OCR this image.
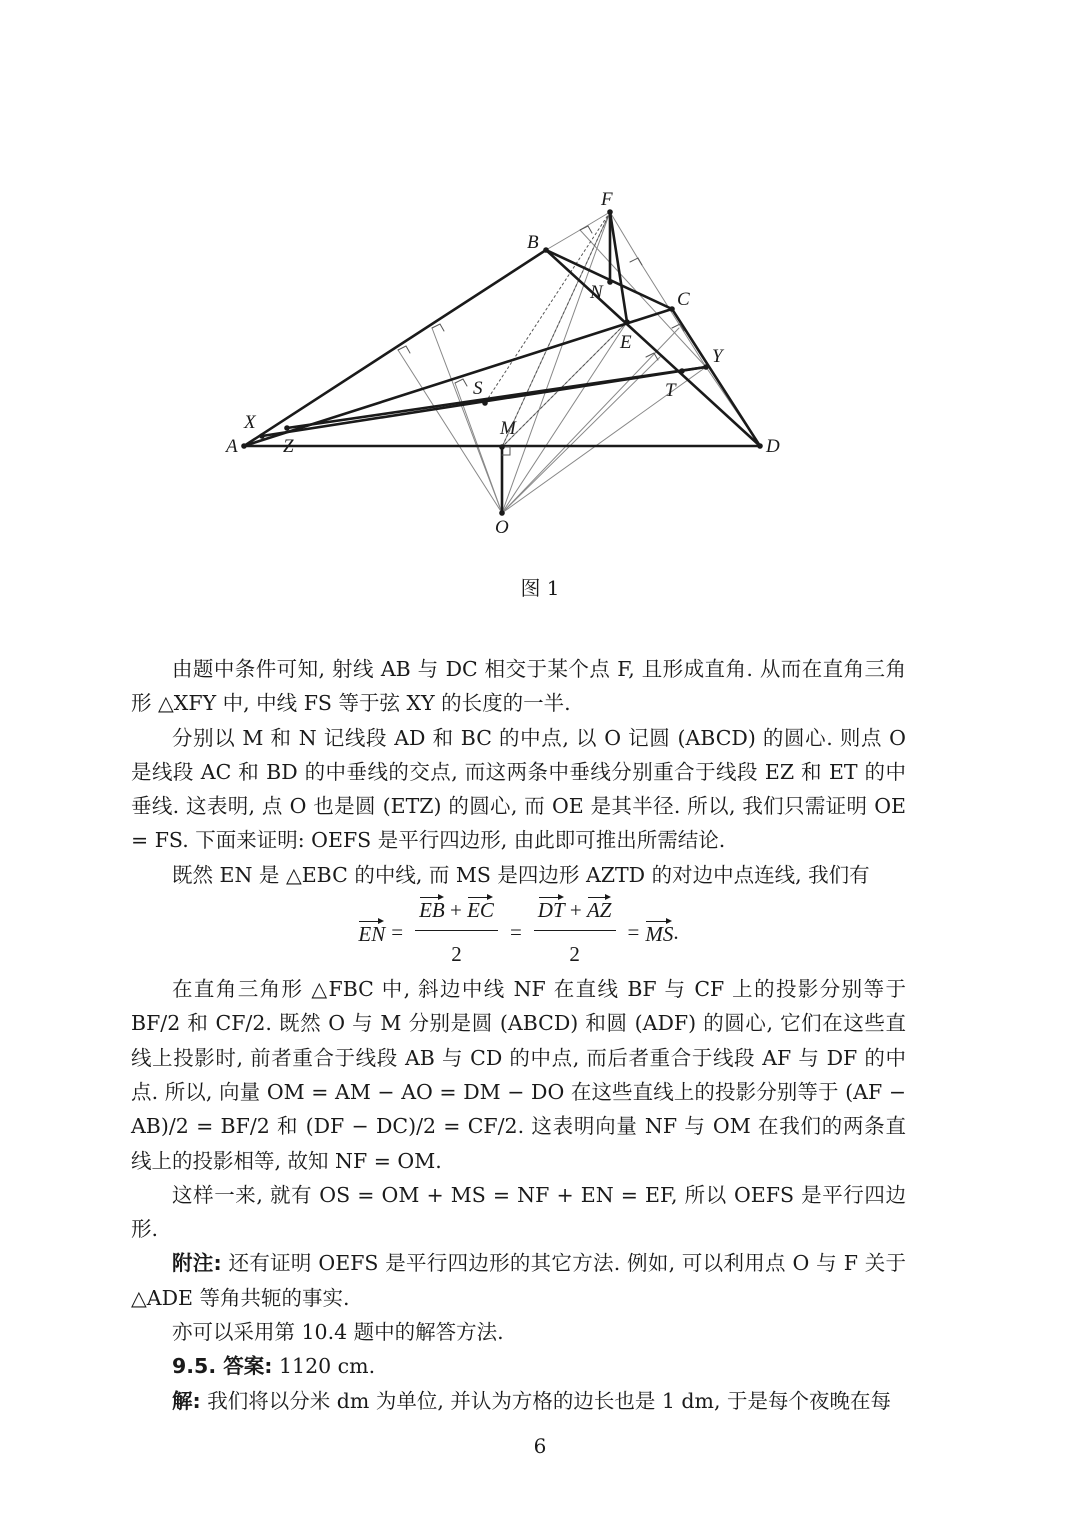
A
B
C
D
E
F
M
N
O
S	T
X
Y
Z
图 1

由题中条件可知, 射线 AB 与 DC 相交于某个点 F, 且形成直角. 从而在直角三角形 △XFY 中, 中线 FS 等于弦 XY 的长度的一半.

分别以 M 和 N 记线段 AD 和 BC 的中点, 以 O 记圆 (ABCD) 的圆心. 则点 O 是线段 AC 和 BD 的中垂线的交点, 而这两条中垂线分别重合于线段 EZ 和 ET 的中垂线. 这表明, 点 O 也是圆 (ETZ) 的圆心, 而 OE 是其半径. 所以, 我们只需证明 OE = FS. 下面来证明: OEFS 是平行四边形, 由此即可推出所需结论.

既然 EN 是 △EBC 的中线, 而 MS 是四边形 AZTD 的对边中点连线, 我们有

EN = $\frac{EB + EC}{2} = \frac{DT + AZ}{2}$ = MS .

在直角三角形 △FBC 中, 斜边中线 NF 在直线 BF 与 CF 上的投影分别等于 BF/2 和 CF/2. 既然 O 与 M 分别是圆 (ABCD) 和圆 (ADF) 的圆心, 它们在这些直线上投影时, 前者重合于线段 AB 与 CD 的中点, 而后者重合于线段 AF 与 DF 的中点. 所以, 向量 OM = AM − AO = DM − DO 在这些直线上的投影分别等于 (AF − AB)/2 = BF/2 和 (DF − DC)/2 = CF/2. 这表明向量 NF 与 OM 在我们的两条直线上的投影相等, 故知 NF = OM.

这样一来, 就有 OS = OM + MS = NF + EN = EF, 所以 OEFS 是平行四边形.

附注: 还有证明 OEFS 是平行四边形的其它方法. 例如, 可以利用点 O 与 F 关于 △ADE 等角共轭的事实.

亦可以采用第 10.4 题中的解答方法.

9.5. 答案: 1120 cm.

解: 我们将以分米 dm 为单位, 并认为方格的边长也是 1 dm, 于是每个夜晚在每

6
